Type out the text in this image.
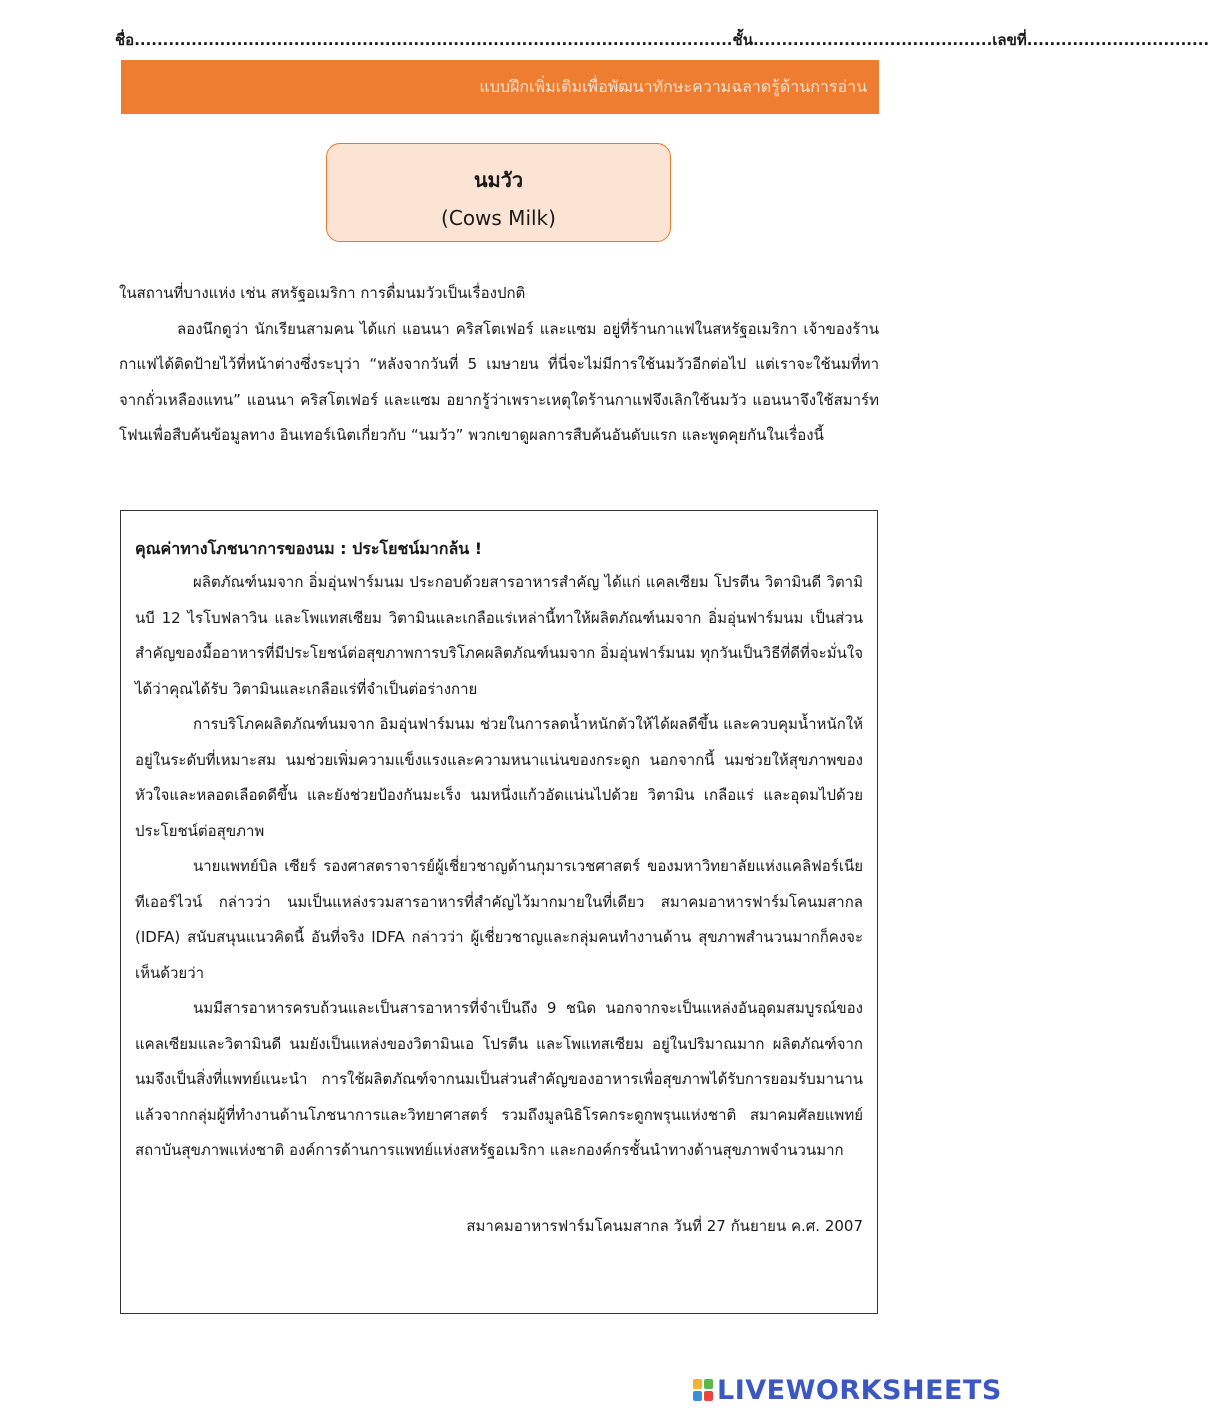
ชื่อ......................................................................................................... ชั้น.......................................... เลขที่................................
แบบฝึกเพิ่มเติมเพื่อพัฒนาทักษะความฉลาดรู้ด้านการอ่าน
นมวัว
(Cows Milk)

ในสถานที่บางแห่ง เช่น สหรัฐอเมริกา การดื่มนมวัวเป็นเรื่องปกติ

ลองนึกดูว่า นักเรียนสามคน ได้แก่ แอนนา คริสโตเฟอร์ และแซม อยู่ที่ร้านกาแฟในสหรัฐอเมริกา เจ้าของร้านกาแฟได้ติดป้ายไว้ที่หน้าต่างซึ่งระบุว่า “หลังจากวันที่ 5 เมษายน ที่นี่จะไม่มีการใช้นมวัวอีกต่อไป แต่เราจะใช้นมที่ทาจากถั่วเหลืองแทน” แอนนา คริสโตเฟอร์ และแซม อยากรู้ว่าเพราะเหตุใดร้านกาแฟจึงเลิกใช้นมวัว แอนนาจึงใช้สมาร์ทโฟนเพื่อสืบค้นข้อมูลทาง อินเทอร์เนิตเกี่ยวกับ “นมวัว” พวกเขาดูผลการสืบค้นอันดับแรก และพูดคุยกันในเรื่องนี้

คุณค่าทางโภชนาการของนม : ประโยชน์มากล้น !

ผลิตภัณฑ์นมจาก อิ่มอุ่นฟาร์มนม ประกอบด้วยสารอาหารสำคัญ ได้แก่ แคลเซียม โปรตีน วิตามินดี วิตามินบี 12 ไรโบฟลาวิน และโพแทสเซียม วิตามินและเกลือแร่เหล่านี้ทาให้ผลิตภัณฑ์นมจาก อิ่มอุ่นฟาร์มนม เป็นส่วนสำคัญของมื้ออาหารที่มีประโยชน์ต่อสุขภาพการบริโภคผลิตภัณฑ์นมจาก อิ่มอุ่นฟาร์มนม ทุกวันเป็นวิธีที่ดีที่จะมั่นใจได้ว่าคุณได้รับ วิตามินและเกลือแร่ที่จำเป็นต่อร่างกาย

การบริโภคผลิตภัณฑ์นมจาก อิมอุ่นฟาร์มนม ช่วยในการลดน้ำหนักตัวให้ได้ผลดีขึ้น และควบคุมน้ำหนักให้อยู่ในระดับที่เหมาะสม นมช่วยเพิ่มความแข็งแรงและความหนาแน่นของกระดูก นอกจากนี้ นมช่วยให้สุขภาพของหัวใจและหลอดเลือดดีขึ้น และยังช่วยป้องกันมะเร็ง นมหนึ่งแก้วอัดแน่นไปด้วย วิตามิน เกลือแร่ และอุดมไปด้วยประโยชน์ต่อสุขภาพ

นายแพทย์บิล เซียร์ รองศาสตราจารย์ผู้เชี่ยวชาญด้านกุมารเวชศาสตร์ ของมหาวิทยาลัยแห่งแคลิฟอร์เนีย ทีเออร์ไวน์ กล่าวว่า นมเป็นแหล่งรวมสารอาหารที่สำคัญไว้มากมายในที่เดียว สมาคมอาหารฟาร์มโคนมสากล (IDFA) สนับสนุนแนวคิดนี้ อันที่จริง IDFA กล่าวว่า ผู้เชี่ยวชาญและกลุ่มคนทำงานด้าน สุขภาพสำนวนมากก็คงจะเห็นด้วยว่า

นมมีสารอาหารครบถ้วนและเป็นสารอาหารที่จำเป็นถึง 9 ชนิด นอกจากจะเป็นแหล่งอันอุดมสมบูรณ์ของแคลเซียมและวิตามินดี นมยังเป็นแหล่งของวิตามินเอ โปรตีน และโพแทสเซียม อยู่ในปริมาณมาก ผลิตภัณฑ์จากนมจึงเป็นสิ่งที่แพทย์แนะนำ การใช้ผลิตภัณฑ์จากนมเป็นส่วนสำคัญของอาหารเพื่อสุขภาพได้รับการยอมรับมานานแล้วจากกลุ่มผู้ที่ทำงานด้านโภชนาการและวิทยาศาสตร์ รวมถึงมูลนิธิโรคกระดูกพรุนแห่งชาติ สมาคมศัลยแพทย์ สถาบันสุขภาพแห่งชาติ องค์การด้านการแพทย์แห่งสหรัฐอเมริกา และกองค์กรชั้นนำทางด้านสุขภาพจำนวนมาก

สมาคมอาหารฟาร์มโคนมสากล วันที่ 27 กันยายน ค.ศ. 2007

LIVEWORKSHEETS
